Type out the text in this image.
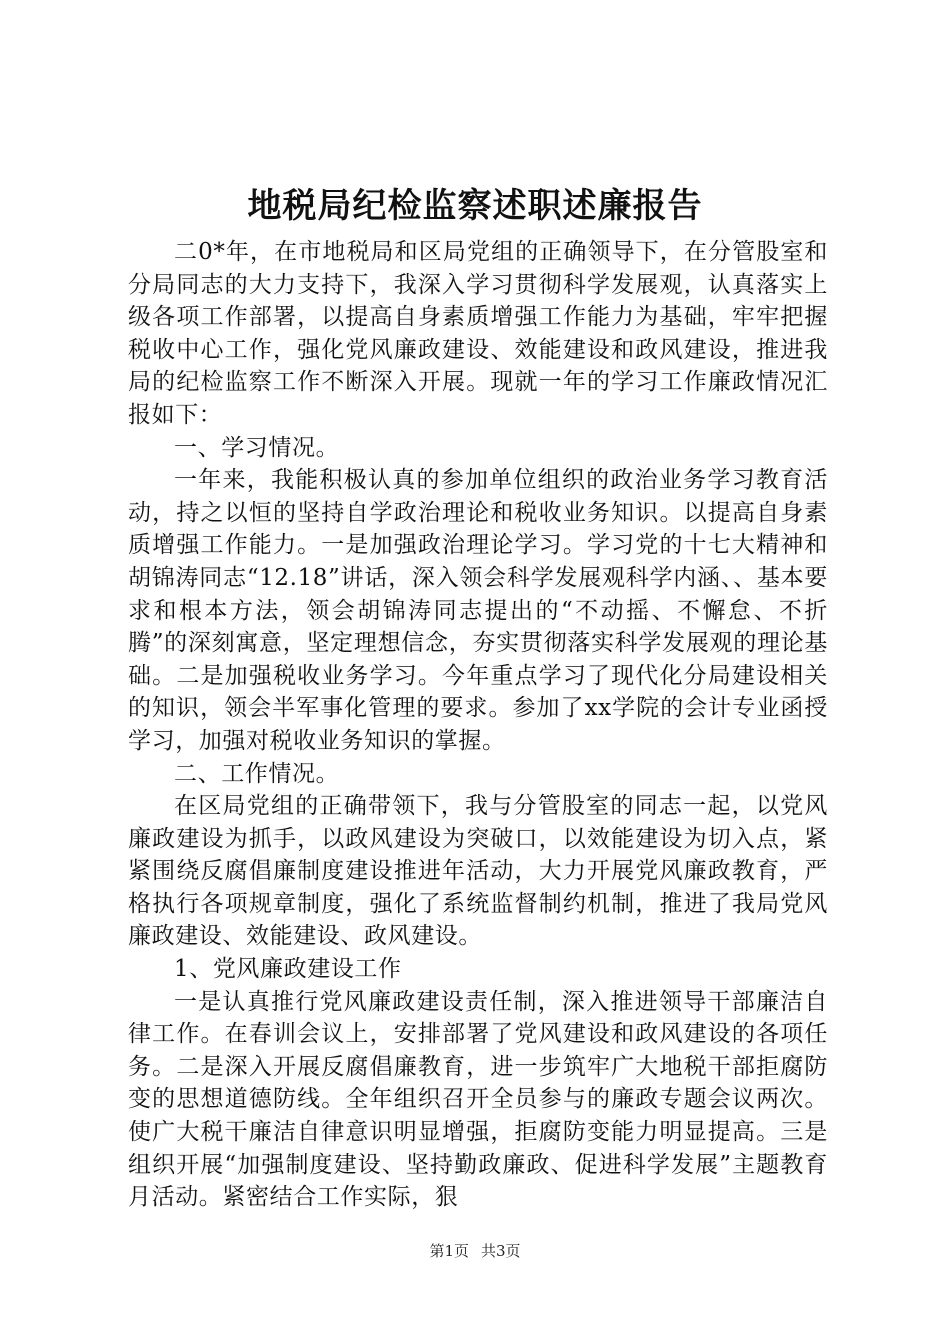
地税局纪检监察述职述廉报告

二0*年，在市地税局和区局党组的正确领导下，在分管股室和分局同志的大力支持下，我深入学习贯彻科学发展观，认真落实上级各项工作部署，以提高自身素质增强工作能力为基础，牢牢把握税收中心工作，强化党风廉政建设、效能建设和政风建设，推进我局的纪检监察工作不断深入开展。现就一年的学习工作廉政情况汇报如下：

一、学习情况。

一年来，我能积极认真的参加单位组织的政治业务学习教育活动，持之以恒的坚持自学政治理论和税收业务知识。以提高自身素质增强工作能力。一是加强政治理论学习。学习党的十七大精神和胡锦涛同志“12.18”讲话，深入领会科学发展观科学内涵、、基本要求和根本方法，领会胡锦涛同志提出的“不动摇、不懈怠、不折腾”的深刻寓意，坚定理想信念，夯实贯彻落实科学发展观的理论基础。二是加强税收业务学习。今年重点学习了现代化分局建设相关的知识，领会半军事化管理的要求。参加了xx学院的会计专业函授学习，加强对税收业务知识的掌握。

二、工作情况。

在区局党组的正确带领下，我与分管股室的同志一起，以党风廉政建设为抓手，以政风建设为突破口，以效能建设为切入点，紧紧围绕反腐倡廉制度建设推进年活动，大力开展党风廉政教育，严格执行各项规章制度，强化了系统监督制约机制，推进了我局党风廉政建设、效能建设、政风建设。

1、党风廉政建设工作

一是认真推行党风廉政建设责任制，深入推进领导干部廉洁自律工作。在春训会议上，安排部署了党风建设和政风建设的各项任务。二是深入开展反腐倡廉教育，进一步筑牢广大地税干部拒腐防变的思想道德防线。全年组织召开全员参与的廉政专题会议两次。使广大税干廉洁自律意识明显增强，拒腐防变能力明显提高。三是组织开展“加强制度建设、坚持勤政廉政、促进科学发展”主题教育月活动。紧密结合工作实际，狠

第1页 共3页
